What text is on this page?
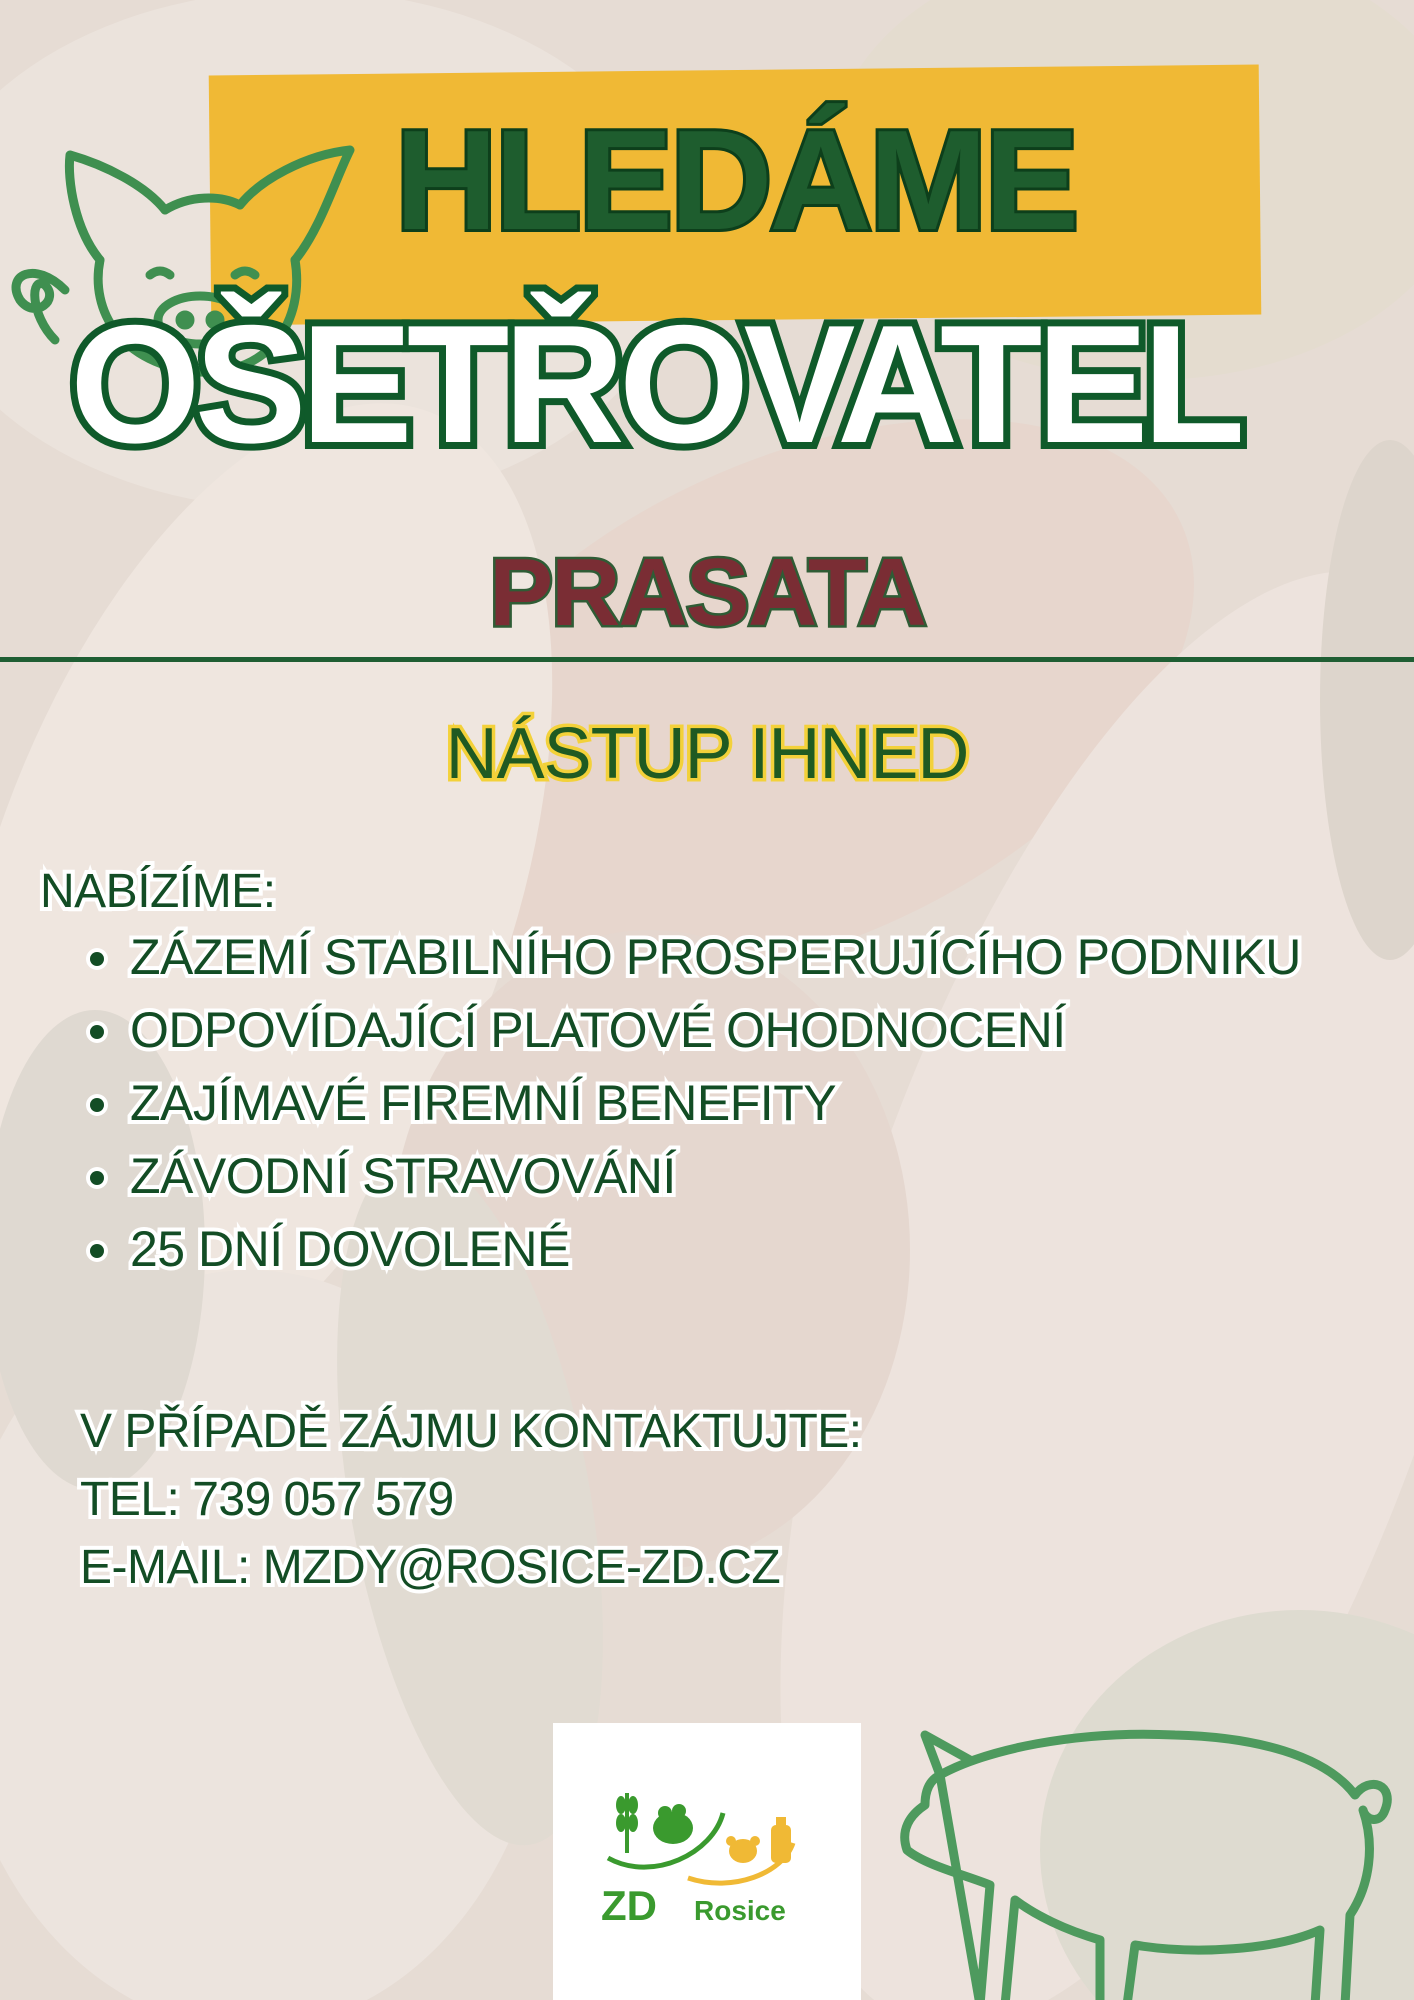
HLEDÁME
OŠETŘOVATEL
PRASATA
NÁSTUP IHNED
NABÍZÍME:
ZÁZEMÍ STABILNÍHO PROSPERUJÍCÍHO PODNIKU
ODPOVÍDAJÍCÍ PLATOVÉ OHODNOCENÍ
ZAJÍMAVÉ FIREMNÍ BENEFITY
ZÁVODNÍ STRAVOVÁNÍ
25 DNÍ DOVOLENÉ
V PŘÍPADĚ ZÁJMU KONTAKTUJTE:
TEL: 739 057 579
E-MAIL: MZDY@ROSICE-ZD.CZ
ZD Rosice
